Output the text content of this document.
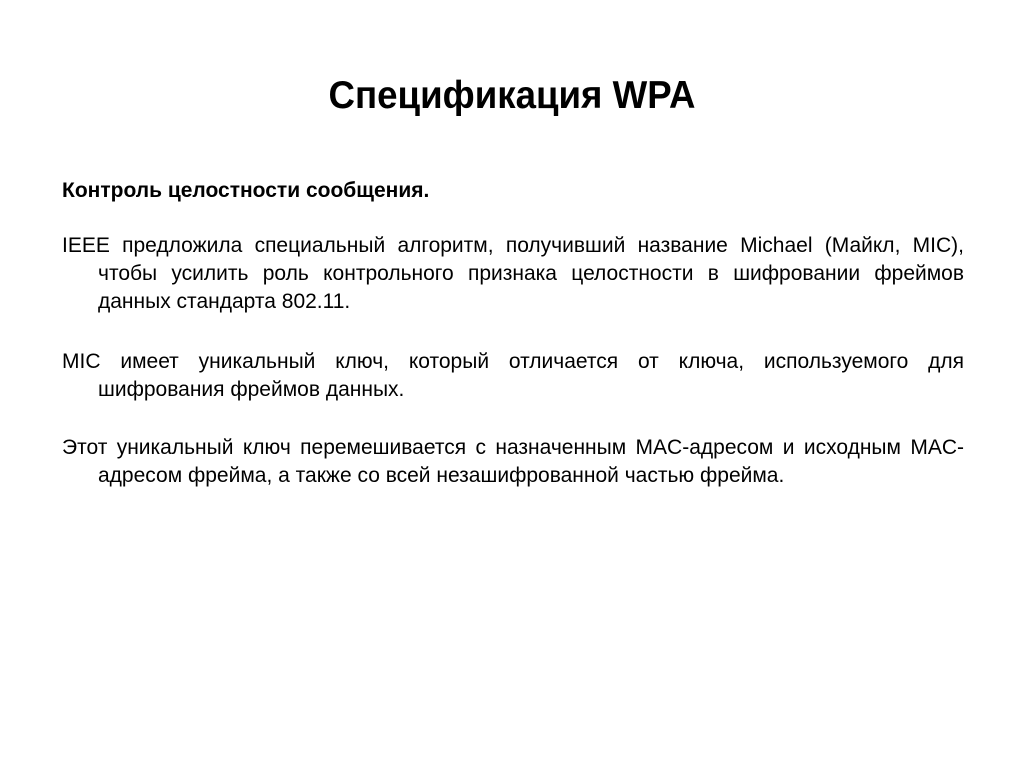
Спецификация WPA
Контроль целостности сообщения.

IEEE предложила специальный алгоритм, получивший название Michael (Майкл, MIC), чтобы усилить роль контрольного признака целостности в шифровании фреймов данных стандарта 802.11.

MIC имеет уникальный ключ, который отличается от ключа, используемого для шифрования фреймов данных.

Этот уникальный ключ перемешивается с назначенным MAC-адресом и исходным MAC-адресом фрейма, а также со всей незашифрованной частью фрейма.
